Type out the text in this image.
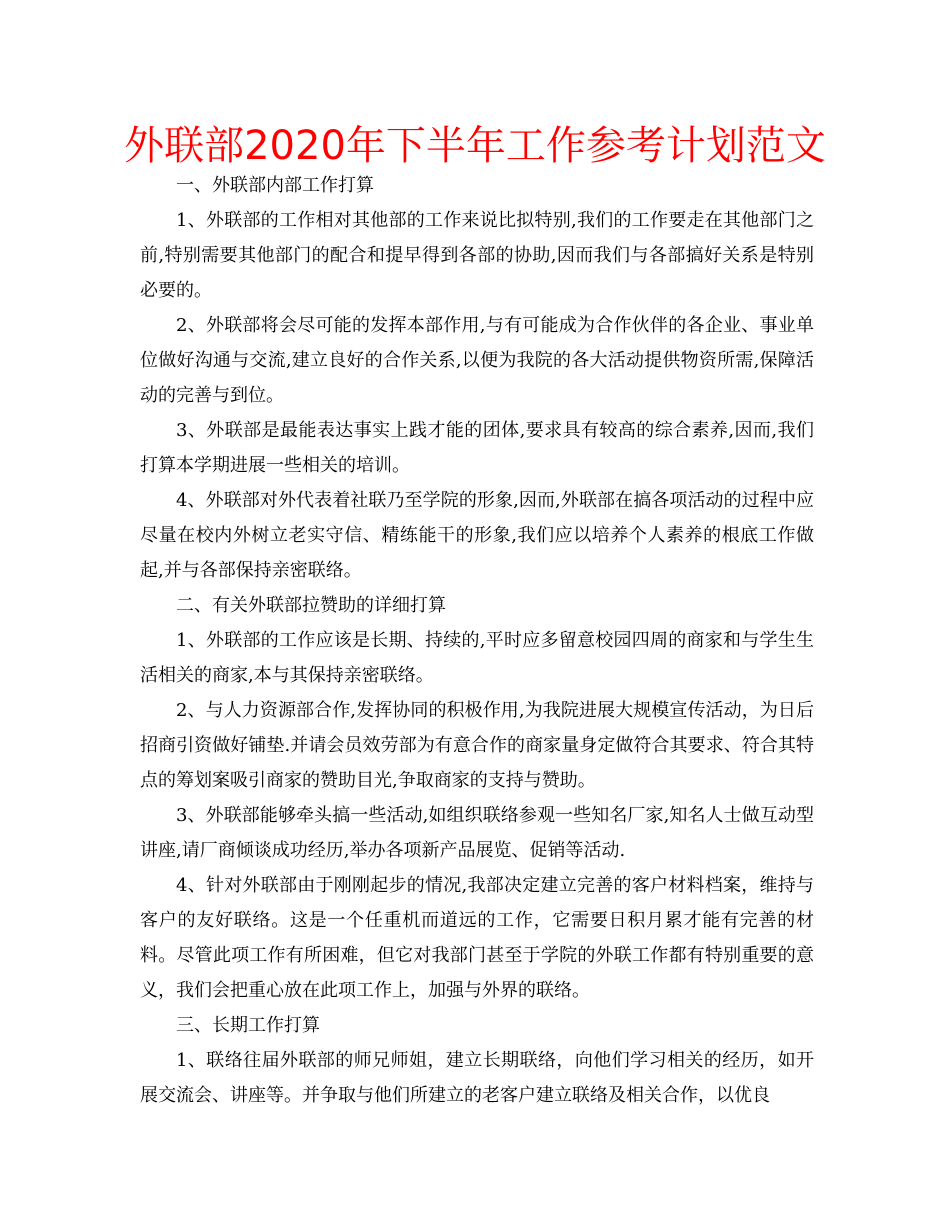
外联部2020年下半年工作参考计划范文

一、外联部内部工作打算

1、外联部的工作相对其他部的工作来说比拟特别,我们的工作要走在其他部门之前,特别需要其他部门的配合和提早得到各部的协助,因而我们与各部搞好关系是特别必要的。

2、外联部将会尽可能的发挥本部作用,与有可能成为合作伙伴的各企业、事业单位做好沟通与交流,建立良好的合作关系,以便为我院的各大活动提供物资所需,保障活动的完善与到位。

3、外联部是最能表达事实上践才能的团体,要求具有较高的综合素养,因而,我们打算本学期进展一些相关的培训。

4、外联部对外代表着社联乃至学院的形象,因而,外联部在搞各项活动的过程中应尽量在校内外树立老实守信、精练能干的形象,我们应以培养个人素养的根底工作做起,并与各部保持亲密联络。

二、有关外联部拉赞助的详细打算

1、外联部的工作应该是长期、持续的,平时应多留意校园四周的商家和与学生生活相关的商家,本与其保持亲密联络。

2、与人力资源部合作,发挥协同的积极作用,为我院进展大规模宣传活动，为日后招商引资做好铺垫.并请会员效劳部为有意合作的商家量身定做符合其要求、符合其特点的筹划案吸引商家的赞助目光,争取商家的支持与赞助。

3、外联部能够牵头搞一些活动,如组织联络参观一些知名厂家,知名人士做互动型讲座,请厂商倾谈成功经历,举办各项新产品展览、促销等活动.

4、针对外联部由于刚刚起步的情况,我部决定建立完善的客户材料档案，维持与客户的友好联络。这是一个任重机而道远的工作，它需要日积月累才能有完善的材料。尽管此项工作有所困难，但它对我部门甚至于学院的外联工作都有特别重要的意义，我们会把重心放在此项工作上，加强与外界的联络。

三、长期工作打算

1、联络往届外联部的师兄师姐，建立长期联络，向他们学习相关的经历，如开展交流会、讲座等。并争取与他们所建立的老客户建立联络及相关合作，以优良
